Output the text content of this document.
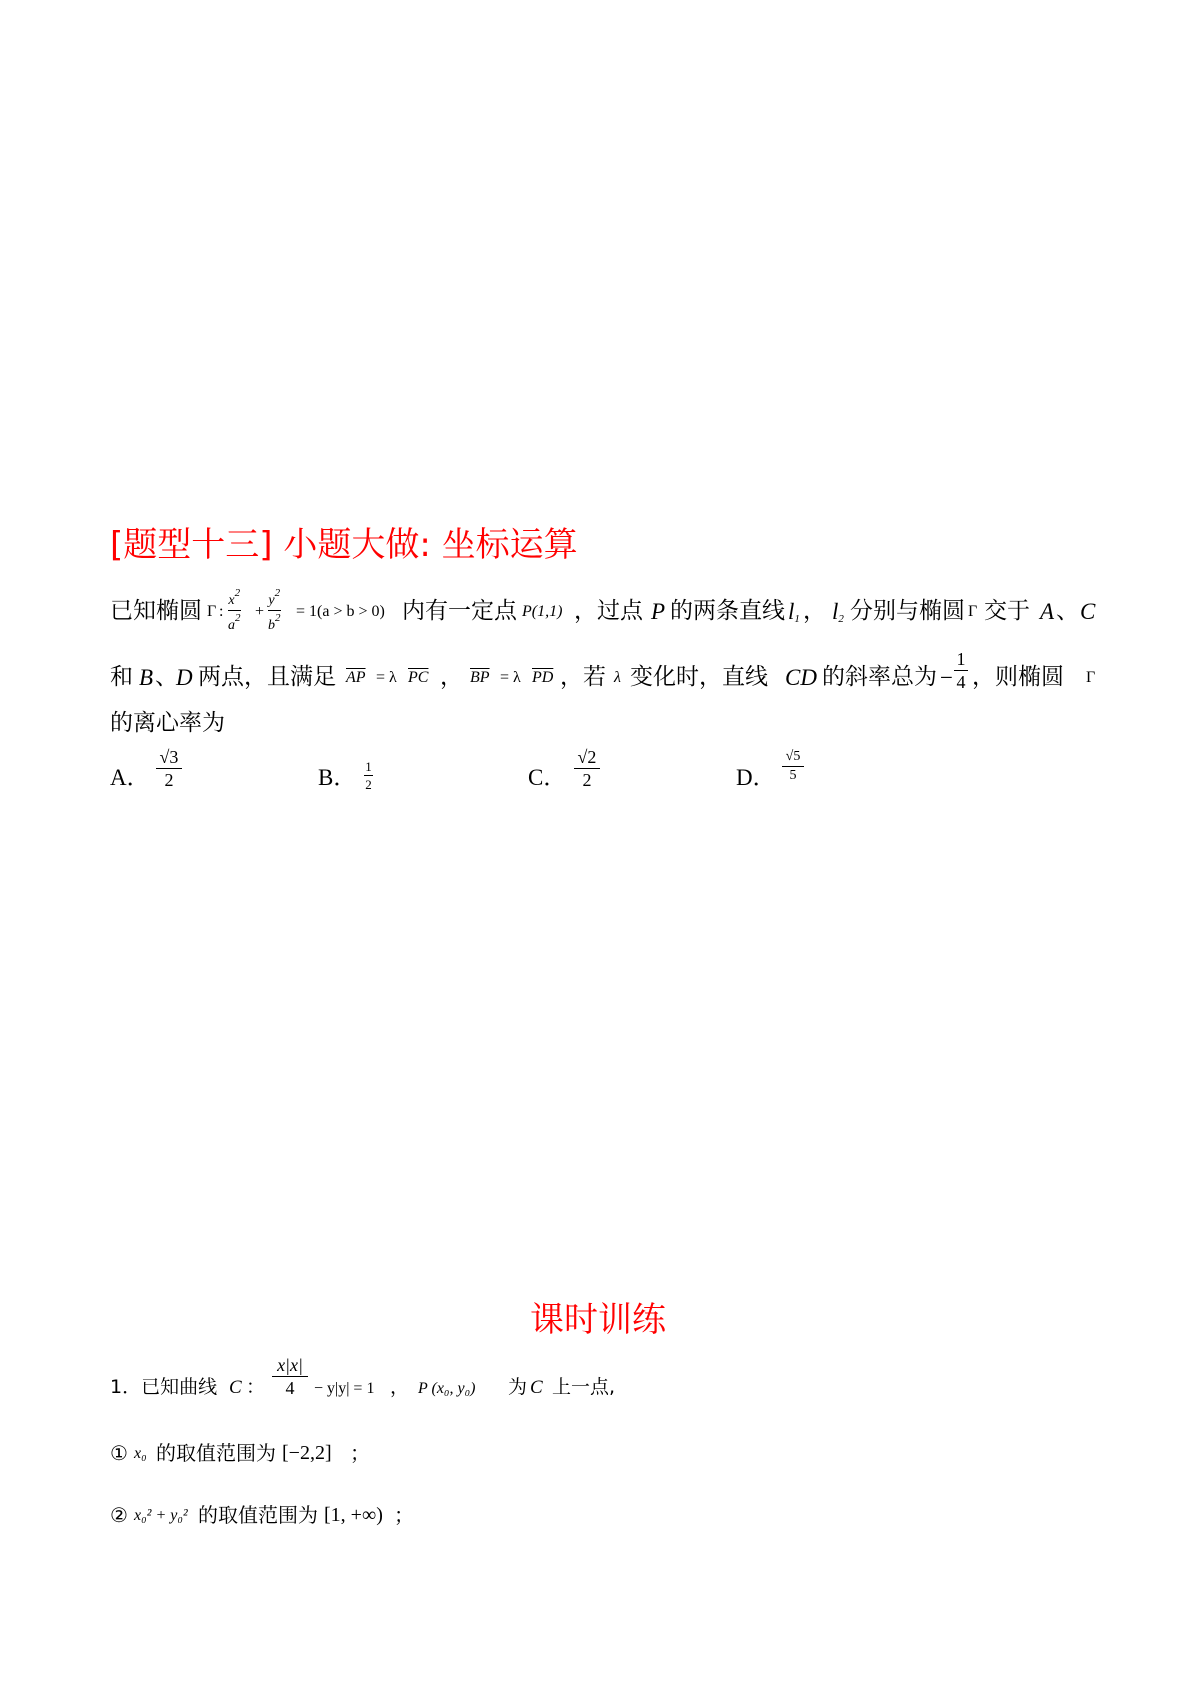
[题型十三] 小题大做: 坐标运算
已知椭圆 Γ :
$x^2$
$a^2$ +
$y^2$
$b^2 = 1(a > b > 0)$ 内有一定点 P(1,1) ，过点 P 的两条直线 $l_1$ ， $l_2$ 分别与椭圆 Γ 交于 A 、 C
和 B 、
D 两点，且满足 $\overline{AP} = \lambda$ $\overline{PC}$ ， $\overline{BP} = \lambda$ $\overline{PD}$ ，若 λ 变化时，直线 CD 的斜率总为 −
1
4 ，则椭圆 Γ
的离心率为
A．
√3
2	B． 1
2	C．
√2
2	D．
√5
5
课时训练
1．已知曲线 C ：
x|x|
4 − y|y| = 1 ， P (x₀, y₀) 为 C 上一点,
① x₀ 的取值范围为 [−2,2] ；
② x₀² + y₀² 的取值范围为 [1, +∞) ；
